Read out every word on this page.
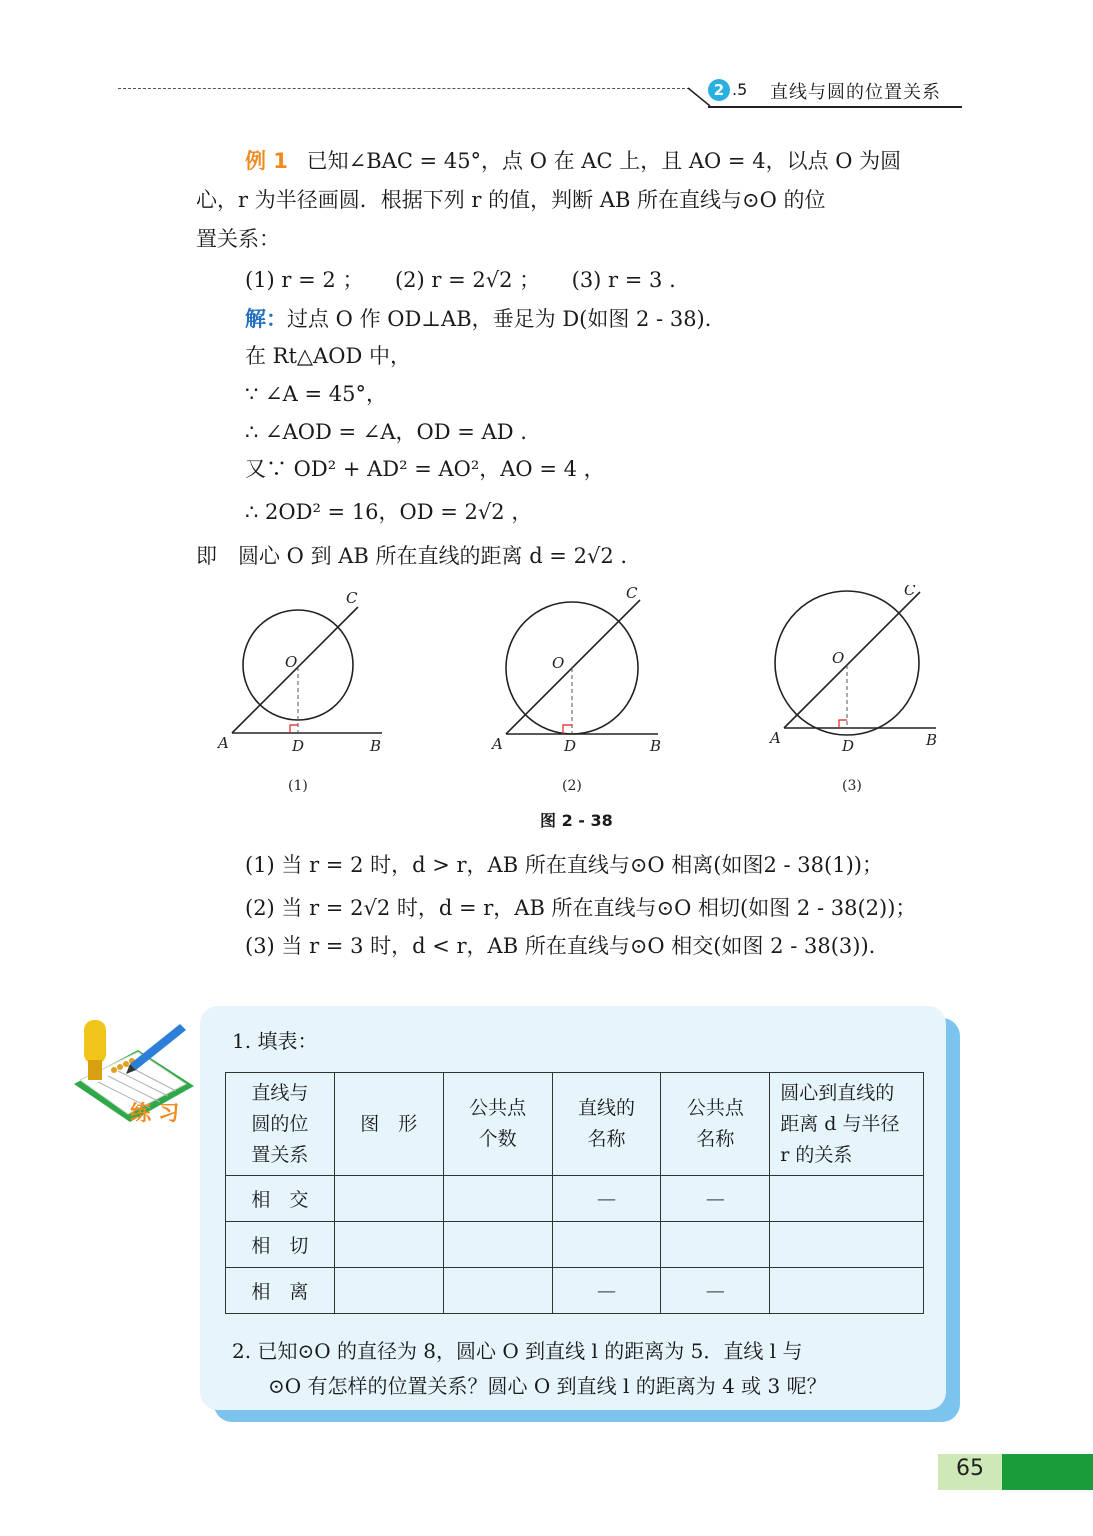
2 .5 直线与圆的位置关系
例 1 已知∠BAC = 45°，点 O 在 AC 上，且 AO = 4，以点 O 为圆
心，r 为半径画圆．根据下列 r 的值，判断 AB 所在直线与⊙O 的位
置关系：
(1) r = 2 ；　　(2) r = 2√2 ；　　(3) r = 3 .
解：过点 O 作 OD⊥AB，垂足为 D(如图 2 - 38)．
在 Rt△AOD 中，
∵ ∠A = 45°，
∴ ∠AOD = ∠A，OD = AD .
又∵ OD² + AD² = AO²，AO = 4 ，
∴ 2OD² = 16，OD = 2√2 ，
即　圆心 O 到 AB 所在直线的距离 d = 2√2 .
A	D	B
C
O
A	D	B
C
O
A	D	B
C
O
(1)	(2)	(3)
图 2 - 38
(1) 当 r = 2 时，d > r，AB 所在直线与⊙O 相离(如图2 - 38(1))；
(2) 当 r = 2√2 时，d = r，AB 所在直线与⊙O 相切(如图 2 - 38(2))；
(3) 当 r = 3 时，d < r，AB 所在直线与⊙O 相交(如图 2 - 38(3)).
练 习
1. 填表：
直线与圆的位置关系	图　形	公共点个数	直线的名称	公共点名称	圆心到直线的距离 d 与半径 r 的关系
相　交			—	—	
相　切					
相　离			—	—	
2. 已知⊙O 的直径为 8，圆心 O 到直线 l 的距离为 5．直线 l 与
⊙O 有怎样的位置关系？圆心 O 到直线 l 的距离为 4 或 3 呢？
65
